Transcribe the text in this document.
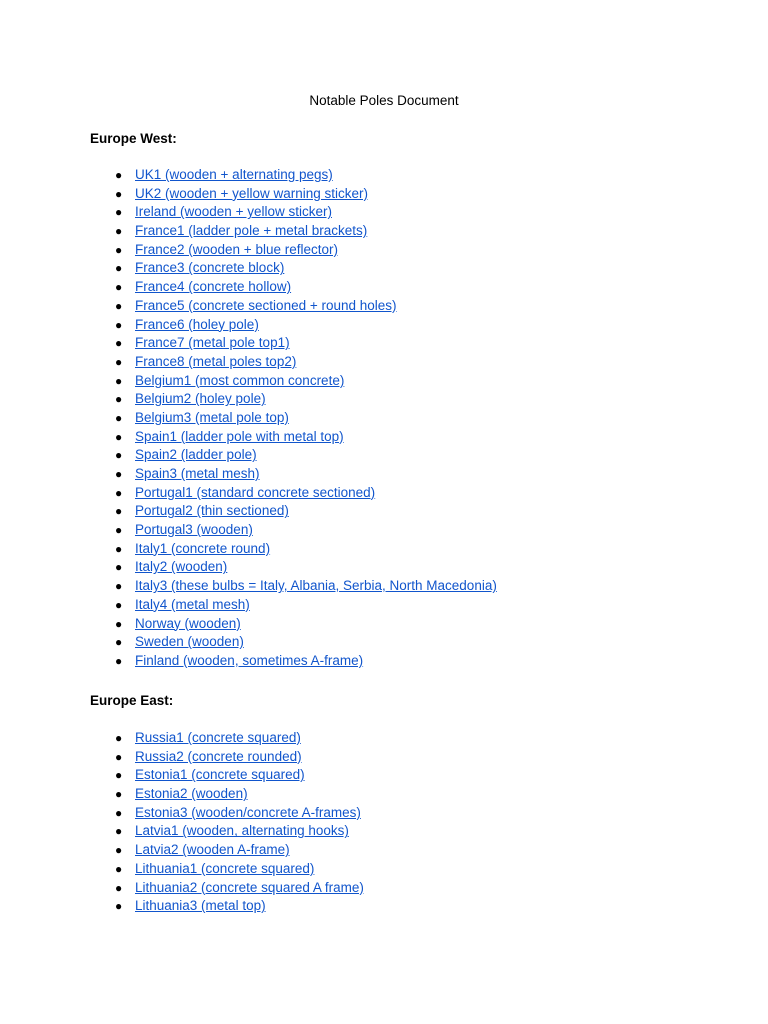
Notable Poles Document
Europe West:
● UK1 (wooden + alternating pegs)
● UK2 (wooden + yellow warning sticker)
● Ireland (wooden + yellow sticker)
● France1 (ladder pole + metal brackets)
● France2 (wooden + blue reflector)
● France3 (concrete block)
● France4 (concrete hollow)
● France5 (concrete sectioned + round holes)
● France6 (holey pole)
● France7 (metal pole top1)
● France8 (metal poles top2)
● Belgium1 (most common concrete)
● Belgium2 (holey pole)
● Belgium3 (metal pole top)
● Spain1 (ladder pole with metal top)
● Spain2 (ladder pole)
● Spain3 (metal mesh)
● Portugal1 (standard concrete sectioned)
● Portugal2 (thin sectioned)
● Portugal3 (wooden)
● Italy1 (concrete round)
● Italy2 (wooden)
● Italy3 (these bulbs = Italy, Albania, Serbia, North Macedonia)
● Italy4 (metal mesh)
● Norway (wooden)
● Sweden (wooden)
● Finland (wooden, sometimes A-frame)
Europe East:
● Russia1 (concrete squared)
● Russia2 (concrete rounded)
● Estonia1 (concrete squared)
● Estonia2 (wooden)
● Estonia3 (wooden/concrete A-frames)
● Latvia1 (wooden, alternating hooks)
● Latvia2 (wooden A-frame)
● Lithuania1 (concrete squared)
● Lithuania2 (concrete squared A frame)
● Lithuania3 (metal top)
